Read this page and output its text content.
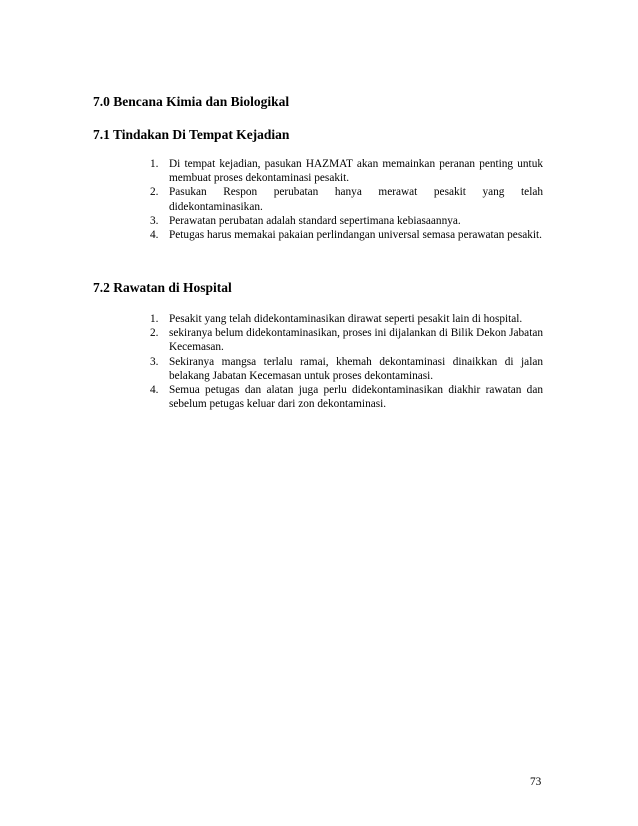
7.0 Bencana Kimia dan Biologikal
7.1 Tindakan Di Tempat Kejadian
1. Di tempat kejadian, pasukan HAZMAT akan memainkan peranan penting untuk membuat proses dekontaminasi pesakit.
2. Pasukan Respon perubatan hanya merawat pesakit yang telah didekontaminasikan.
3. Perawatan perubatan adalah standard sepertimana kebiasaannya.
4. Petugas harus memakai pakaian perlindangan universal semasa perawatan pesakit.
7.2 Rawatan di Hospital
1. Pesakit yang telah didekontaminasikan dirawat seperti pesakit lain di hospital.
2. sekiranya belum didekontaminasikan, proses ini dijalankan di Bilik Dekon Jabatan Kecemasan.
3. Sekiranya mangsa terlalu ramai, khemah dekontaminasi dinaikkan di jalan belakang Jabatan Kecemasan untuk proses dekontaminasi.
4. Semua petugas dan alatan juga perlu didekontaminasikan diakhir rawatan dan sebelum petugas keluar dari zon dekontaminasi.
73
